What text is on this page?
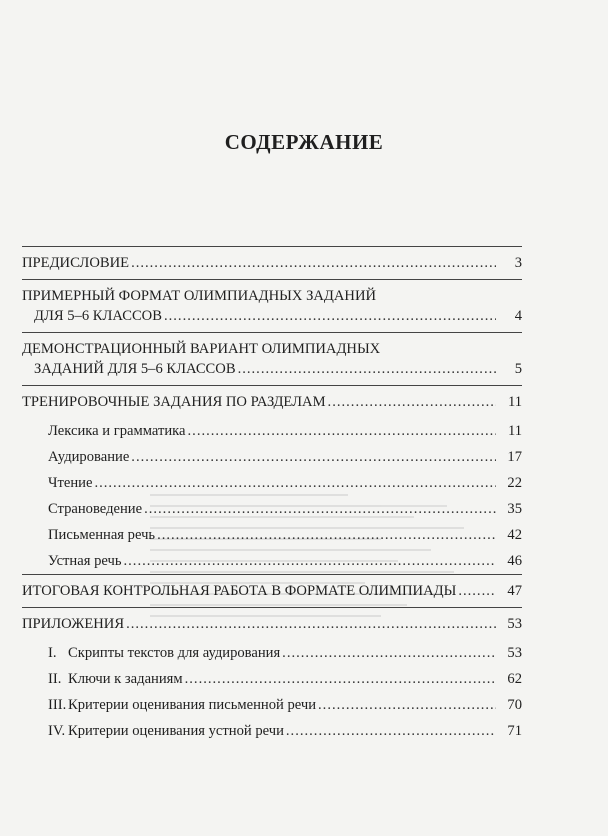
СОДЕРЖАНИЕ
ПРЕДИСЛОВИЕ .....	3
ПРИМЕРНЫЙ ФОРМАТ ОЛИМПИАДНЫХ ЗАДАНИЙ
ДЛЯ 5–6 КЛАССОВ .....	4
ДЕМОНСТРАЦИОННЫЙ ВАРИАНТ ОЛИМПИАДНЫХ
ЗАДАНИЙ ДЛЯ 5–6 КЛАССОВ .....	5
ТРЕНИРОВОЧНЫЕ ЗАДАНИЯ ПО РАЗДЕЛАМ .....	11
Лексика и грамматика .....	11
Аудирование .....	17
Чтение .....	22
Страноведение .....	35
Письменная речь .....	42
Устная речь .....	46
ИТОГОВАЯ КОНТРОЛЬНАЯ РАБОТА В ФОРМАТЕ ОЛИМПИАДЫ .....	47
ПРИЛОЖЕНИЯ .....	53
I. Скрипты текстов для аудирования .....	53
II. Ключи к заданиям .....	62
III. Критерии оценивания письменной речи .....	70
IV. Критерии оценивания устной речи .....	71
